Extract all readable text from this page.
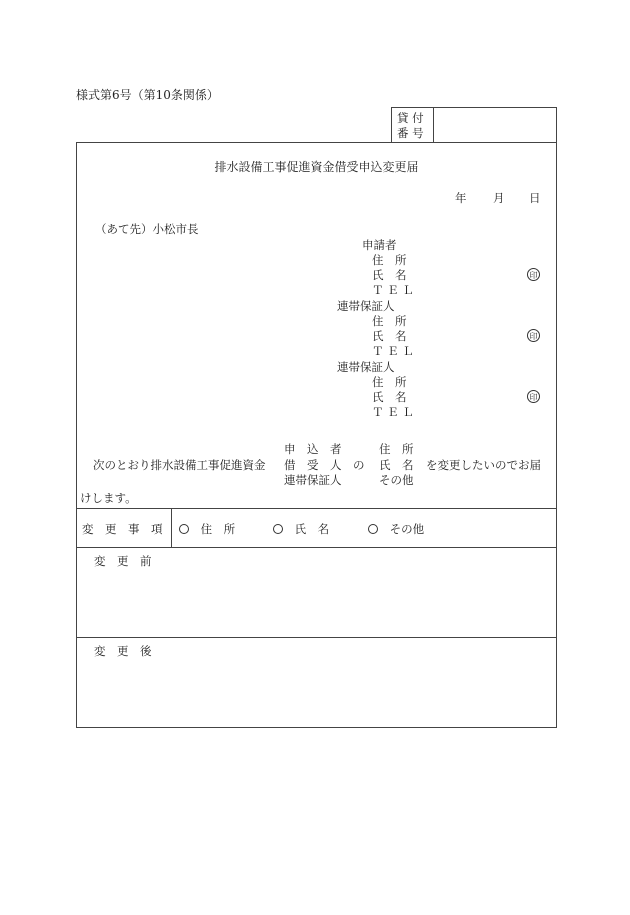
様式第6号（第10条関係）
貸 付
番 号
排水設備工事促進資金借受申込変更届
年 月 日
（あて先）小松市長
申請者
住　所
氏　名	印
Ｔ Ｅ Ｌ
連帯保証人
住　所
氏　名	印
Ｔ Ｅ Ｌ
連帯保証人
住　所
氏　名	印
Ｔ Ｅ Ｌ
次のとおり排水設備工事促進資金
申　込　者
借　受　人　の
連帯保証人
住　所
氏　名
その他
を変更したいのでお届
けします。
変　更　事　項	住　所	氏　名	その他
変　更　前
変　更　後
